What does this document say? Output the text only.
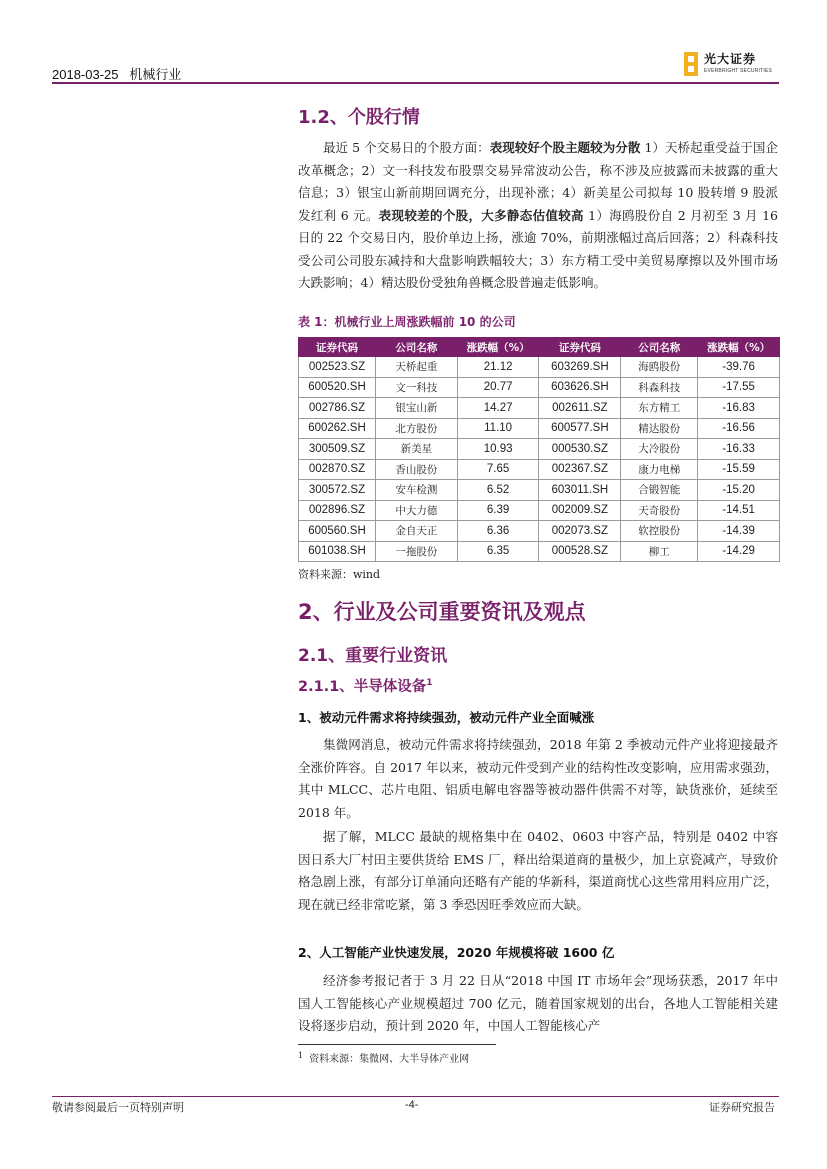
2018-03-25 机械行业
光大证券
EVERBRIGHT SECURITIES
1.2、个股行情
最近 5 个交易日的个股方面：表现较好个股主题较为分散 1）天桥起重受益于国企改革概念；2）文一科技发布股票交易异常波动公告，称不涉及应披露而未披露的重大信息；3）银宝山新前期回调充分，出现补涨；4）新美星公司拟每 10 股转增 9 股派发红利 6 元。表现较差的个股，大多静态估值较高 1）海鸥股份自 2 月初至 3 月 16 日的 22 个交易日内，股价单边上扬，涨逾 70%，前期涨幅过高后回落；2）科森科技受公司公司股东减持和大盘影响跌幅较大；3）东方精工受中美贸易摩擦以及外围市场大跌影响；4）精达股份受独角兽概念股普遍走低影响。
表 1：机械行业上周涨跌幅前 10 的公司
证券代码	公司名称	涨跌幅（%）	证券代码	公司名称	涨跌幅（%）
002523.SZ	天桥起重	21.12	603269.SH	海鸥股份	-39.76
600520.SH	文一科技	20.77	603626.SH	科森科技	-17.55
002786.SZ	银宝山新	14.27	002611.SZ	东方精工	-16.83
600262.SH	北方股份	11.10	600577.SH	精达股份	-16.56
300509.SZ	新美星	10.93	000530.SZ	大冷股份	-16.33
002870.SZ	香山股份	7.65	002367.SZ	康力电梯	-15.59
300572.SZ	安车检测	6.52	603011.SH	合锻智能	-15.20
002896.SZ	中大力德	6.39	002009.SZ	天奇股份	-14.51
600560.SH	金自天正	6.36	002073.SZ	软控股份	-14.39
601038.SH	一拖股份	6.35	000528.SZ	柳工	-14.29
资料来源：wind
2、行业及公司重要资讯及观点
2.1、重要行业资讯
2.1.1、半导体设备$^1$
1、被动元件需求将持续强劲，被动元件产业全面喊涨
集微网消息，被动元件需求将持续强劲，2018 年第 2 季被动元件产业将迎接最齐全涨价阵容。自 2017 年以来，被动元件受到产业的结构性改变影响，应用需求强劲，其中 MLCC、芯片电阻、铝质电解电容器等被动器件供需不对等，缺货涨价，延续至 2018 年。
据了解，MLCC 最缺的规格集中在 0402、0603 中容产品，特别是 0402 中容因日系大厂村田主要供货给 EMS 厂，释出给渠道商的量极少，加上京瓷减产，导致价格急剧上涨，有部分订单涌向还略有产能的华新科，渠道商忧心这些常用料应用广泛，现在就已经非常吃紧，第 3 季恐因旺季效应而大缺。
2、人工智能产业快速发展，2020 年规模将破 1600 亿
经济参考报记者于 3 月 22 日从“2018 中国 IT 市场年会”现场获悉，2017 年中国人工智能核心产业规模超过 700 亿元，随着国家规划的出台，各地人工智能相关建设将逐步启动，预计到 2020 年，中国人工智能核心产
$^1$ 资料来源：集微网、大半导体产业网
敬请参阅最后一页特别声明	-4-	证券研究报告
